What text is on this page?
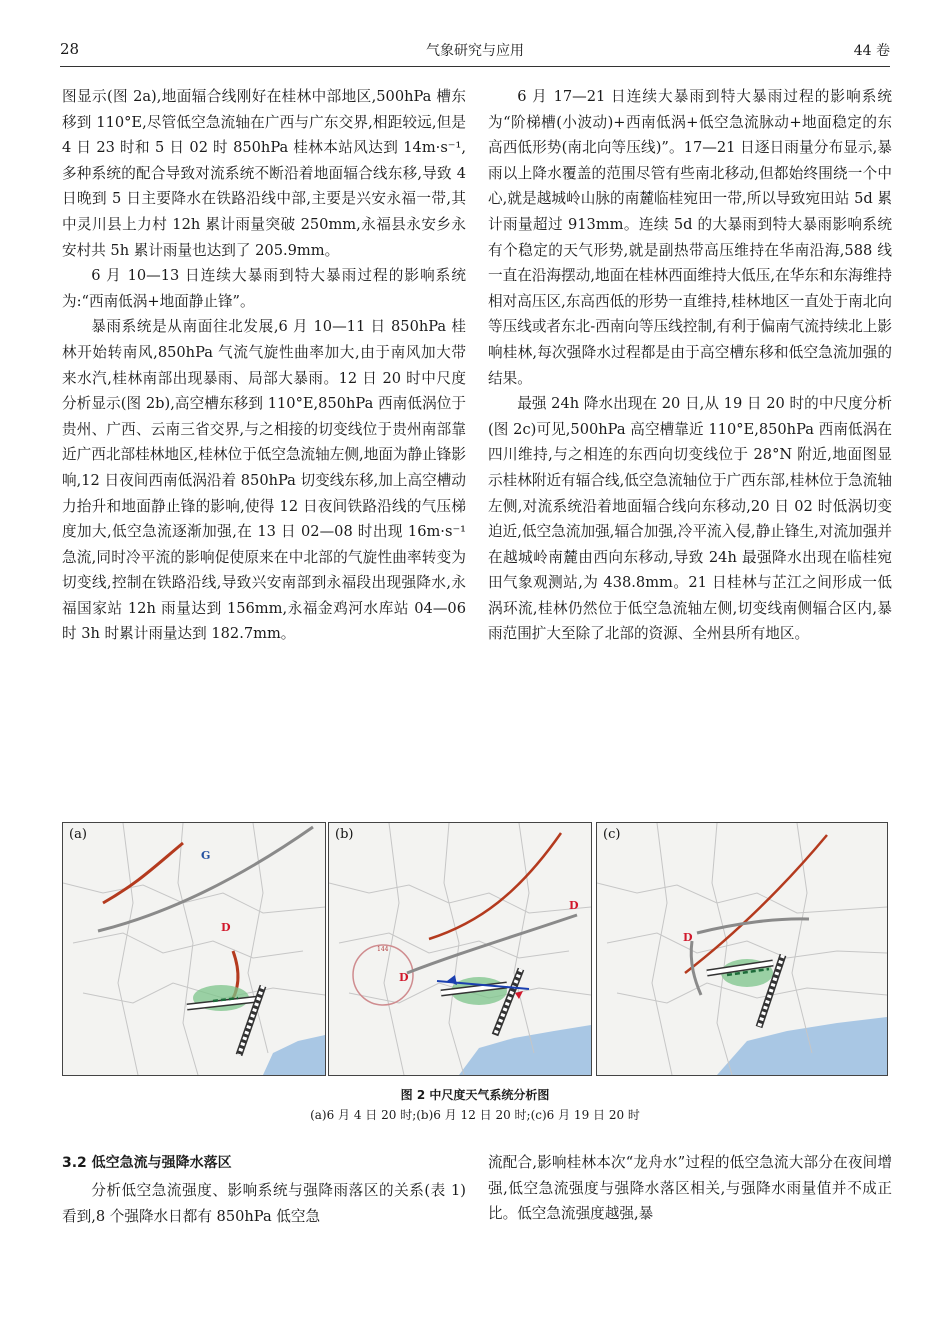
28	气象研究与应用	44 卷

图显示(图 2a),地面辐合线刚好在桂林中部地区,500hPa 槽东移到 110°E,尽管低空急流轴在广西与广东交界,相距较远,但是 4 日 23 时和 5 日 02 时 850hPa 桂林本站风达到 14m·s⁻¹,多种系统的配合导致对流系统不断沿着地面辐合线东移,导致 4 日晚到 5 日主要降水在铁路沿线中部,主要是兴安永福一带,其中灵川县上力村 12h 累计雨量突破 250mm,永福县永安乡永安村共 5h 累计雨量也达到了 205.9mm。

6 月 10—13 日连续大暴雨到特大暴雨过程的影响系统为:“西南低涡+地面静止锋”。

暴雨系统是从南面往北发展,6 月 10—11 日 850hPa 桂林开始转南风,850hPa 气流气旋性曲率加大,由于南风加大带来水汽,桂林南部出现暴雨、局部大暴雨。12 日 20 时中尺度分析显示(图 2b),高空槽东移到 110°E,850hPa 西南低涡位于贵州、广西、云南三省交界,与之相接的切变线位于贵州南部靠近广西北部桂林地区,桂林位于低空急流轴左侧,地面为静止锋影响,12 日夜间西南低涡沿着 850hPa 切变线东移,加上高空槽动力抬升和地面静止锋的影响,使得 12 日夜间铁路沿线的气压梯度加大,低空急流逐渐加强,在 13 日 02—08 时出现 16m·s⁻¹ 急流,同时冷平流的影响促使原来在中北部的气旋性曲率转变为切变线,控制在铁路沿线,导致兴安南部到永福段出现强降水,永福国家站 12h 雨量达到 156mm,永福金鸡河水库站 04—06 时 3h 时累计雨量达到 182.7mm。

6 月 17—21 日连续大暴雨到特大暴雨过程的影响系统为“阶梯槽(小波动)+西南低涡+低空急流脉动+地面稳定的东高西低形势(南北向等压线)”。17—21 日逐日雨量分布显示,暴雨以上降水覆盖的范围尽管有些南北移动,但都始终围绕一个中心,就是越城岭山脉的南麓临桂宛田一带,所以导致宛田站 5d 累计雨量超过 913mm。连续 5d 的大暴雨到特大暴雨影响系统有个稳定的天气形势,就是副热带高压维持在华南沿海,588 线一直在沿海摆动,地面在桂林西面维持大低压,在华东和东海维持相对高压区,东高西低的形势一直维持,桂林地区一直处于南北向等压线或者东北-西南向等压线控制,有利于偏南气流持续北上影响桂林,每次强降水过程都是由于高空槽东移和低空急流加强的结果。

最强 24h 降水出现在 20 日,从 19 日 20 时的中尺度分析(图 2c)可见,500hPa 高空槽靠近 110°E,850hPa 西南低涡在四川维持,与之相连的东西向切变线位于 28°N 附近,地面图显示桂林附近有辐合线,低空急流轴位于广西东部,桂林位于急流轴左侧,对流系统沿着地面辐合线向东移动,20 日 02 时低涡切变迫近,低空急流加强,辐合加强,冷平流入侵,静止锋生,对流加强并在越城岭南麓由西向东移动,导致 24h 最强降水出现在临桂宛田气象观测站,为 438.8mm。21 日桂林与芷江之间形成一低涡环流,桂林仍然位于低空急流轴左侧,切变线南侧辐合区内,暴雨范围扩大至除了北部的资源、全州县所有地区。

G
D
(a)
D
D
144
(b)
D
(c)
图 2 中尺度天气系统分析图
(a)6 月 4 日 20 时;(b)6 月 12 日 20 时;(c)6 月 19 日 20 时
3.2 低空急流与强降水落区

分析低空急流强度、影响系统与强降雨落区的关系(表 1)看到,8 个强降水日都有 850hPa 低空急

流配合,影响桂林本次“龙舟水”过程的低空急流大部分在夜间增强,低空急流强度与强降水落区相关,与强降水雨量值并不成正比。低空急流强度越强,暴
